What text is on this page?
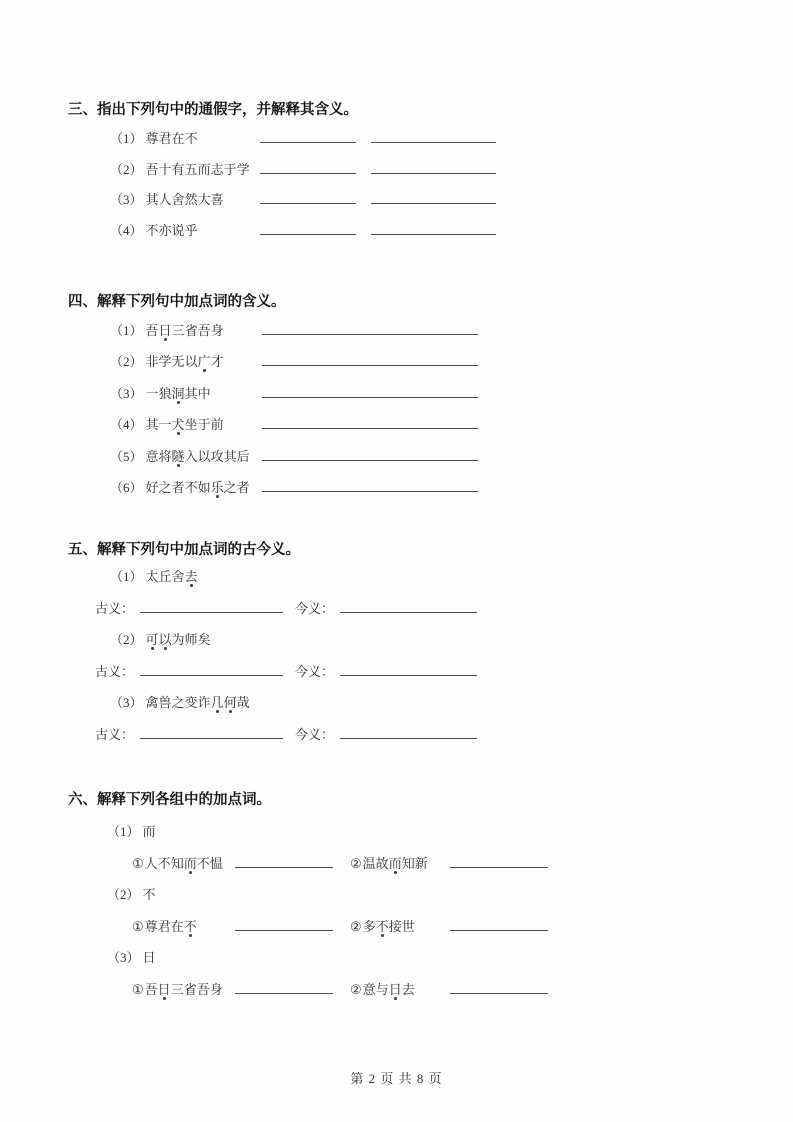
三、指出下列句中的通假字，并解释其含义。
（1） 尊君在不
（2） 吾十有五而志于学
（3） 其人舍然大喜
（4） 不亦说乎
四、解释下列句中加点词的含义。
（1） 吾日三省吾身
（2） 非学无以广才
（3） 一狼洞其中
（4） 其一犬坐于前
（5） 意将隧入以攻其后
（6） 好之者不如乐之者
五、解释下列句中加点词的古今义。
（1） 太丘舍去
古义：	今义：
（2） 可以为师矣
古义：	今义：
（3） 禽兽之变诈几何哉
古义：	今义：
六、解释下列各组中的加点词。
（1） 而
①人不知而不愠	②温故而知新
（2） 不
①尊君在不	②多不接世
（3） 日
①吾日三省吾身	②意与日去
第 2 页 共 8 页
